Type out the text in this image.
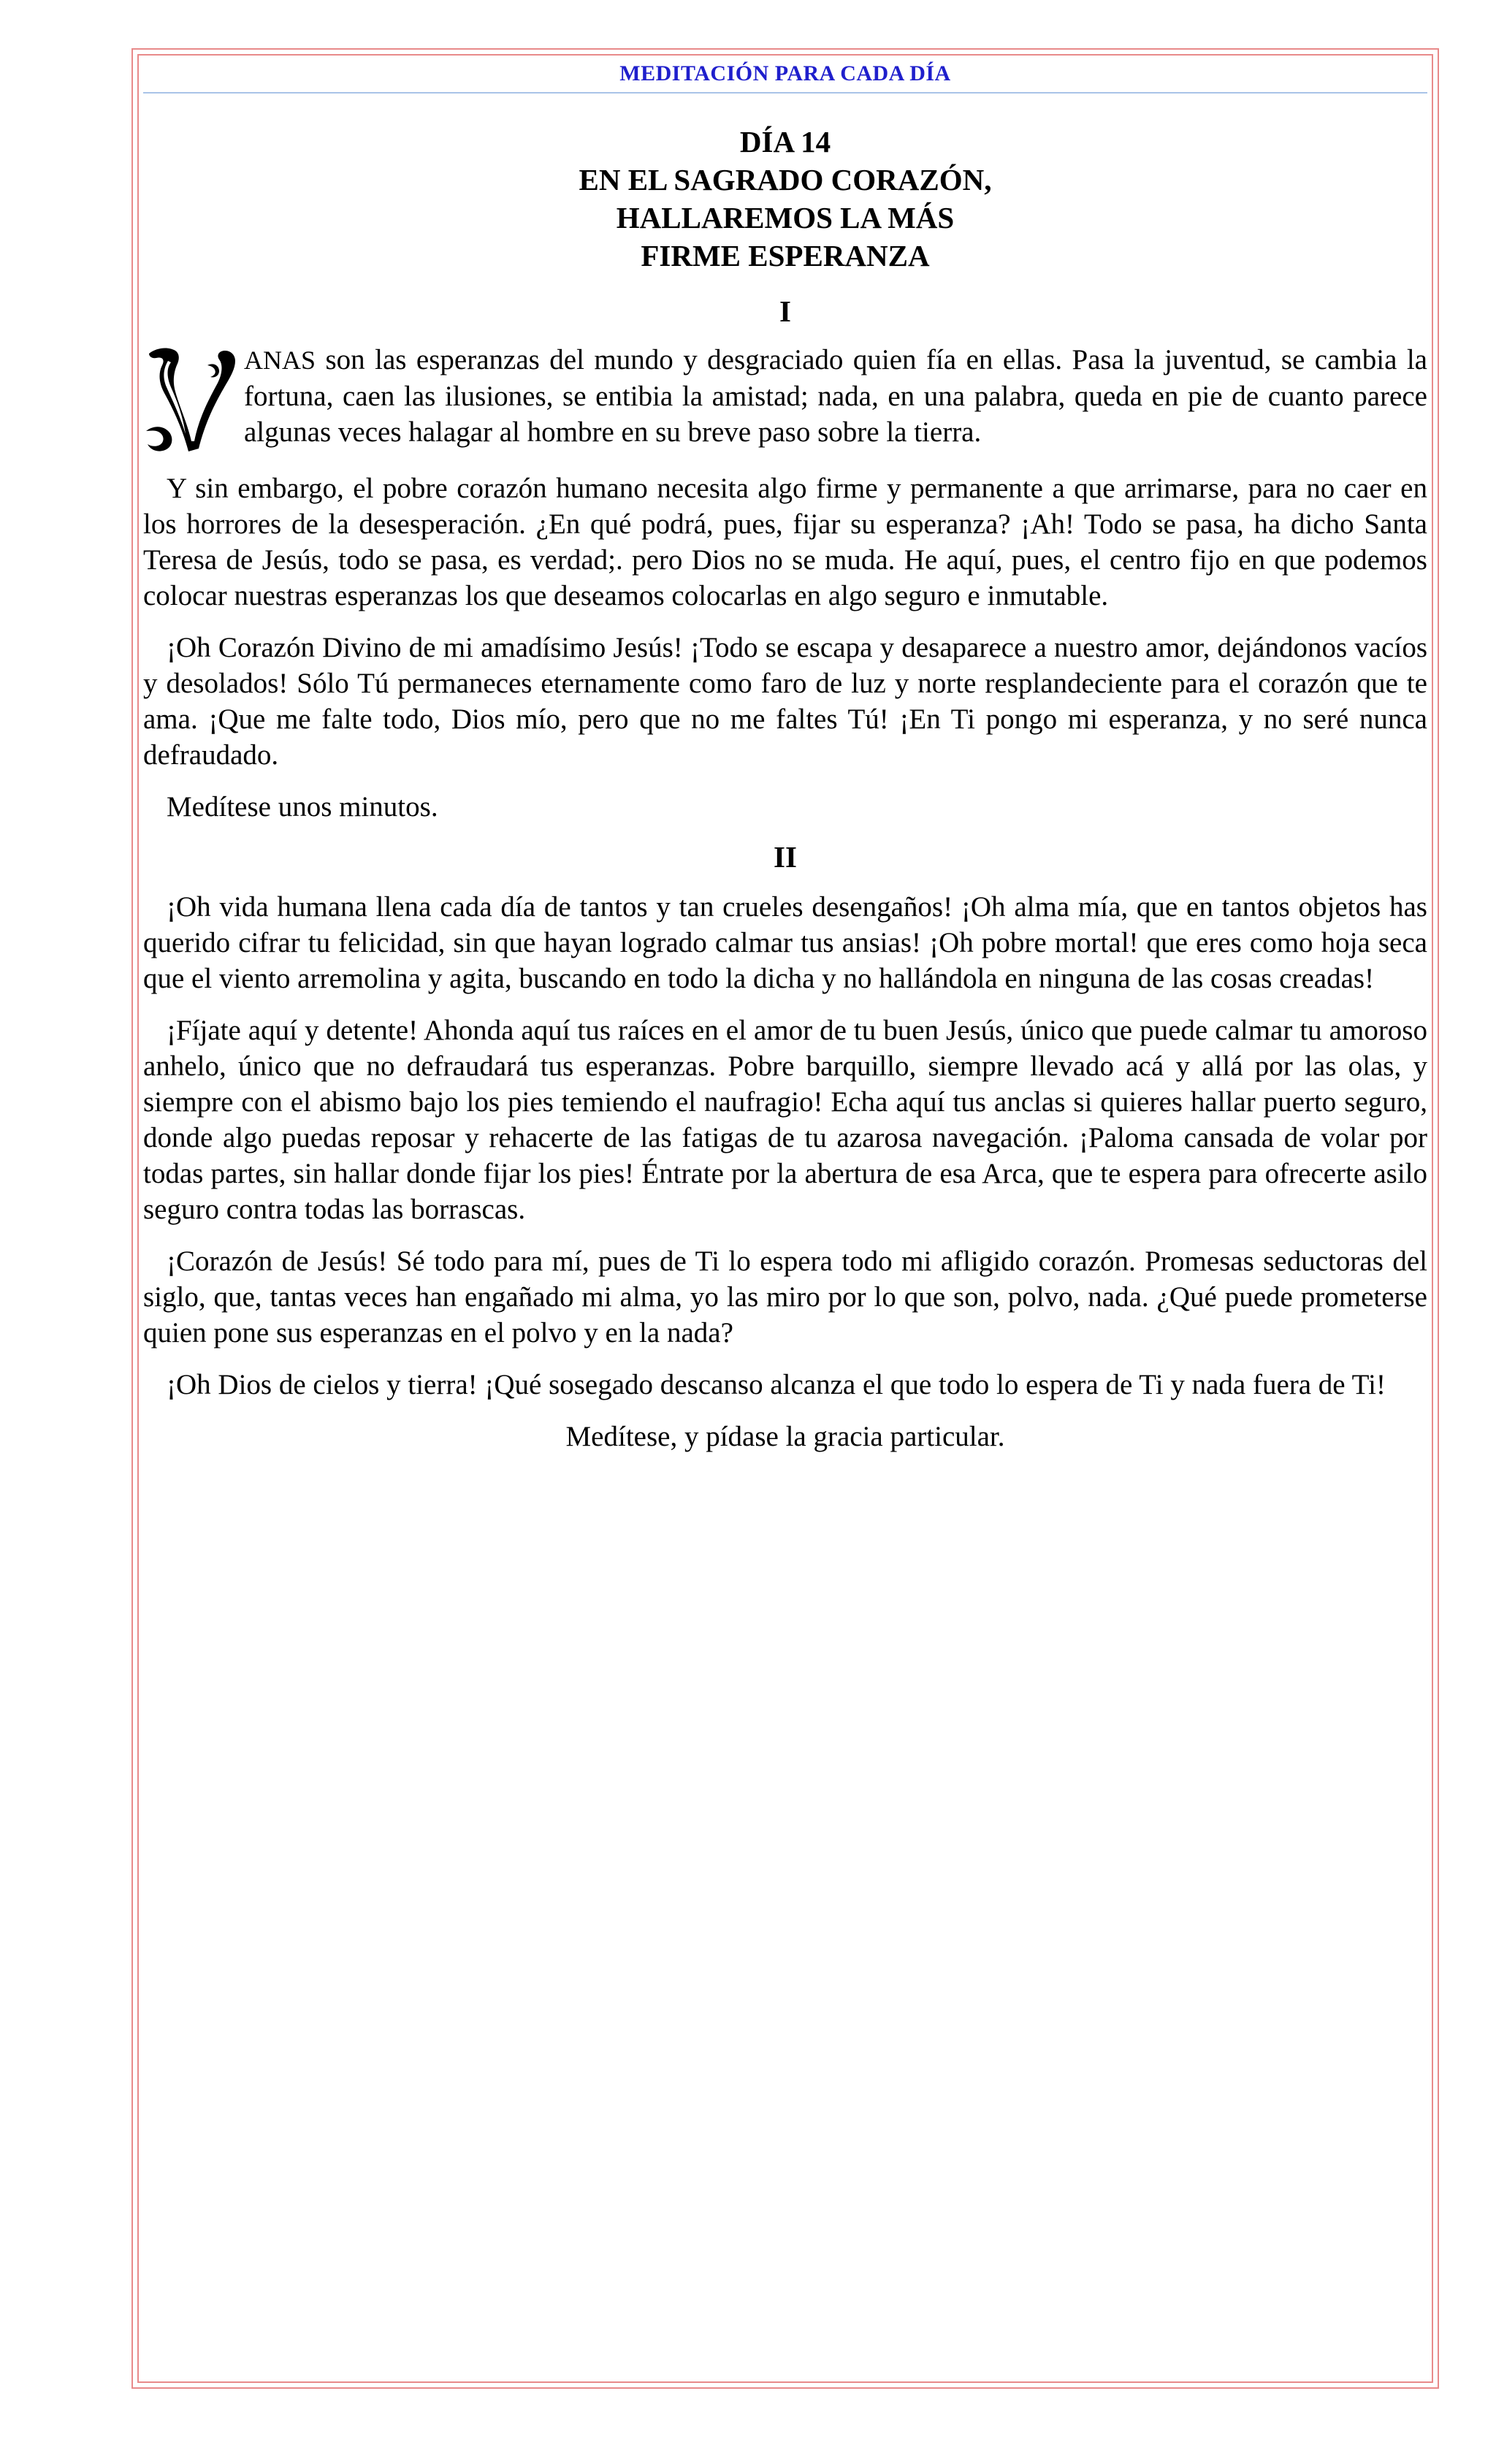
MEDITACIÓN PARA CADA DÍA
DÍA 14
EN EL SAGRADO CORAZÓN,
HALLAREMOS LA MÁS
FIRME ESPERANZA
I
ANAS son las esperanzas del mundo y desgraciado quien fía en ellas. Pasa la juventud, se cambia la fortuna, caen las ilusiones, se entibia la amistad; nada, en una palabra, queda en pie de cuanto parece algunas veces halagar al hombre en su breve paso sobre la tierra.

Y sin embargo, el pobre corazón humano necesita algo firme y permanente a que arrimarse, para no caer en los horrores de la desesperación. ¿En qué podrá, pues, fijar su esperanza? ¡Ah! Todo se pasa, ha dicho Santa Teresa de Jesús, todo se pasa, es verdad;. pero Dios no se muda. He aquí, pues, el centro fijo en que podemos colocar nuestras esperanzas los que deseamos colocarlas en algo seguro e inmutable.

¡Oh Corazón Divino de mi amadísimo Jesús! ¡Todo se escapa y desaparece a nuestro amor, dejándonos vacíos y desolados! Sólo Tú permaneces eternamente como faro de luz y norte resplandeciente para el corazón que te ama. ¡Que me falte todo, Dios mío, pero que no me faltes Tú! ¡En Ti pongo mi esperanza, y no seré nunca defraudado.

Medítese unos minutos.

II

¡Oh vida humana llena cada día de tantos y tan crueles desengaños! ¡Oh alma mía, que en tantos objetos has querido cifrar tu felicidad, sin que hayan logrado calmar tus ansias! ¡Oh pobre mortal! que eres como hoja seca que el viento arremolina y agita, buscando en todo la dicha y no hallándola en ninguna de las cosas creadas!

¡Fíjate aquí y detente! Ahonda aquí tus raíces en el amor de tu buen Jesús, único que puede calmar tu amoroso anhelo, único que no defraudará tus esperanzas. Pobre barquillo, siempre llevado acá y allá por las olas, y siempre con el abismo bajo los pies temiendo el naufragio! Echa aquí tus anclas si quieres hallar puerto seguro, donde algo puedas reposar y rehacerte de las fatigas de tu azarosa navegación. ¡Paloma cansada de volar por todas partes, sin hallar donde fijar los pies! Éntrate por la abertura de esa Arca, que te espera para ofrecerte asilo seguro contra todas las borrascas.

¡Corazón de Jesús! Sé todo para mí, pues de Ti lo espera todo mi afligido corazón. Promesas seductoras del siglo, que, tantas veces han engañado mi alma, yo las miro por lo que son, polvo, nada. ¿Qué puede prometerse quien pone sus esperanzas en el polvo y en la nada?

¡Oh Dios de cielos y tierra! ¡Qué sosegado descanso alcanza el que todo lo espera de Ti y nada fuera de Ti!

Medítese, y pídase la gracia particular.
